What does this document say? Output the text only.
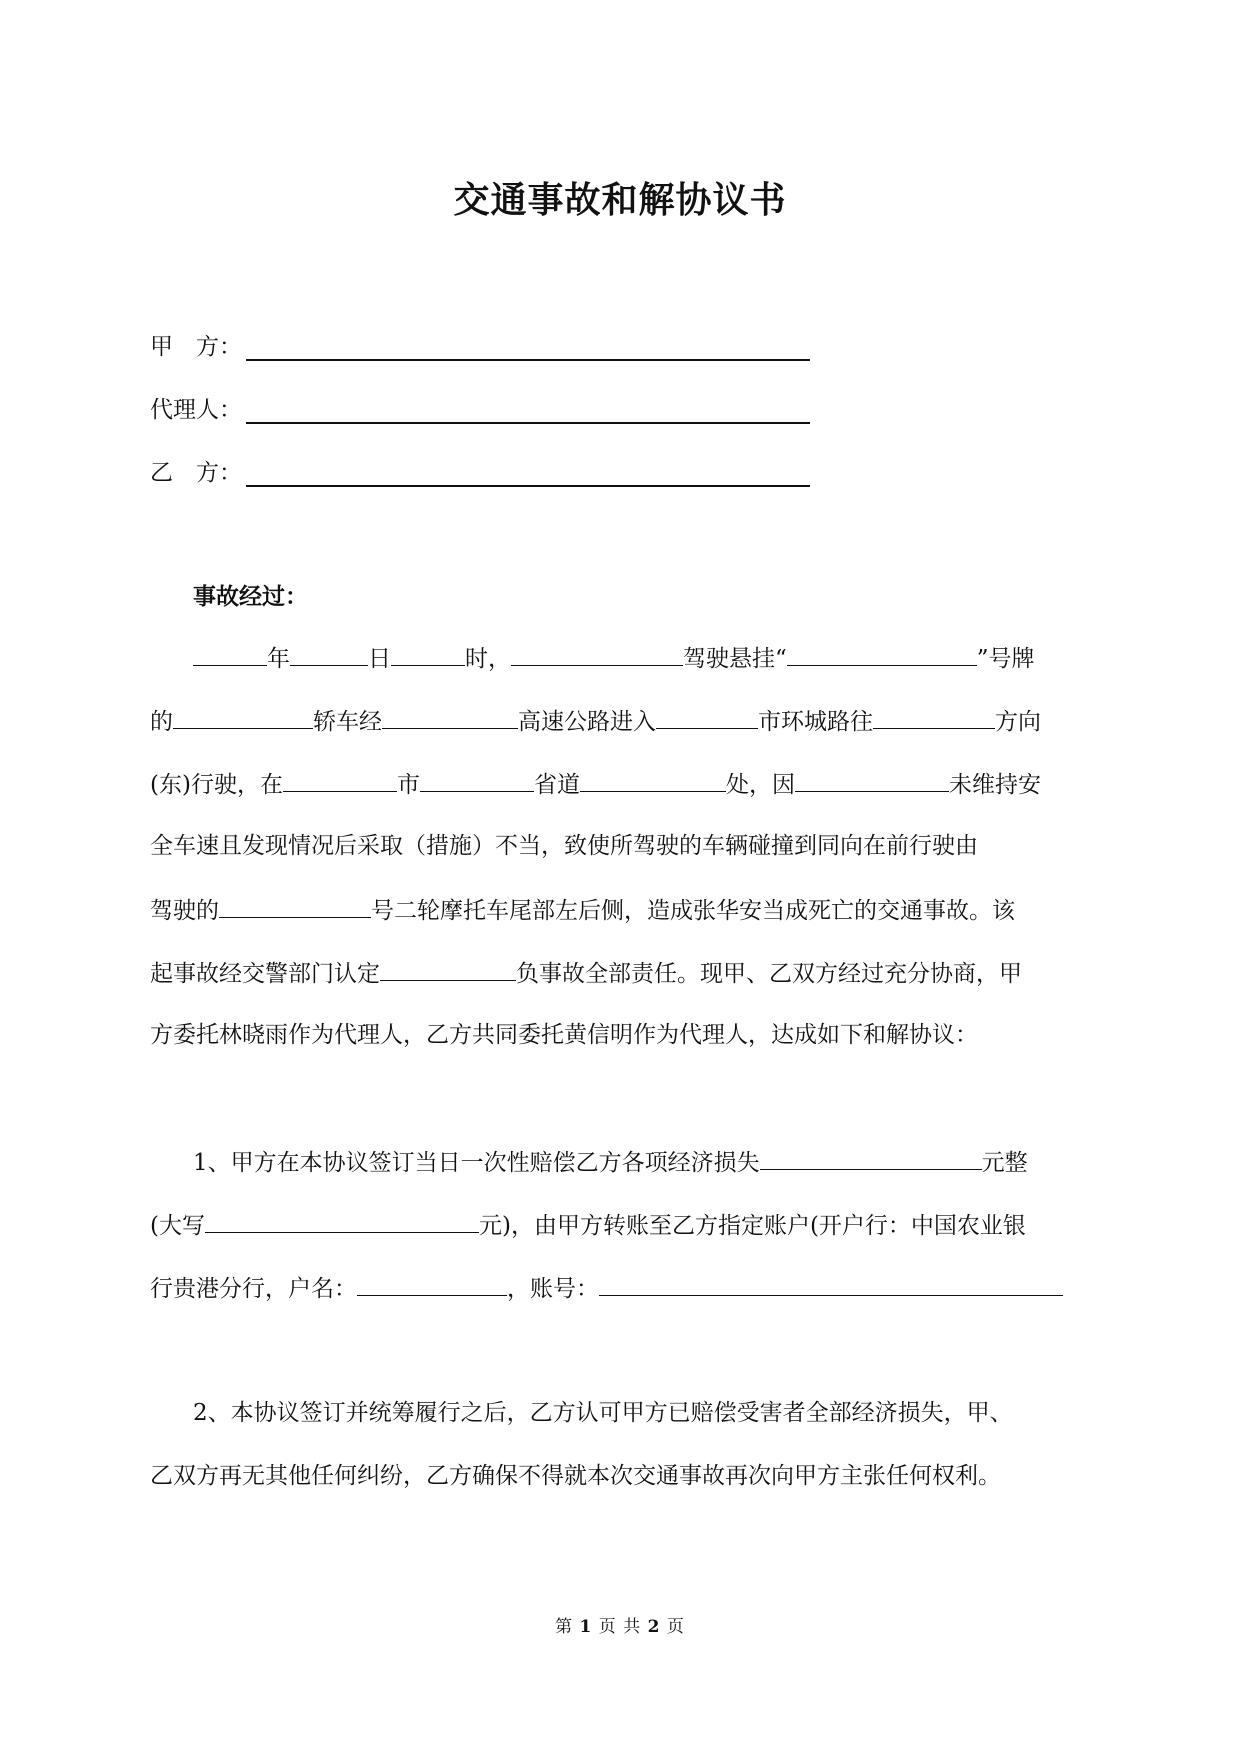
交通事故和解协议书
甲　方：
代理人：
乙　方：
事故经过：
年	日	时，	驾驶悬挂“	”号牌
的	轿车经	高速公路进入	市环城路往	方向
(东)行驶，在	市	省道	处，因	未维持安
全车速且发现情况后采取（措施）不当，致使所驾驶的车辆碰撞到同向在前行驶由
驾驶的	号二轮摩托车尾部左后侧，造成张华安当成死亡的交通事故。该
起事故经交警部门认定	负事故全部责任。现甲、乙双方经过充分协商，甲
方委托林晓雨作为代理人，乙方共同委托黄信明作为代理人，达成如下和解协议：
1、甲方在本协议签订当日一次性赔偿乙方各项经济损失	元整
(大写	元)，由甲方转账至乙方指定账户(开户行：中国农业银
行贵港分行，户名：	，账号：
2、本协议签订并统筹履行之后，乙方认可甲方已赔偿受害者全部经济损失，甲、
乙双方再无其他任何纠纷，乙方确保不得就本次交通事故再次向甲方主张任何权利。
第 1 页 共 2 页
